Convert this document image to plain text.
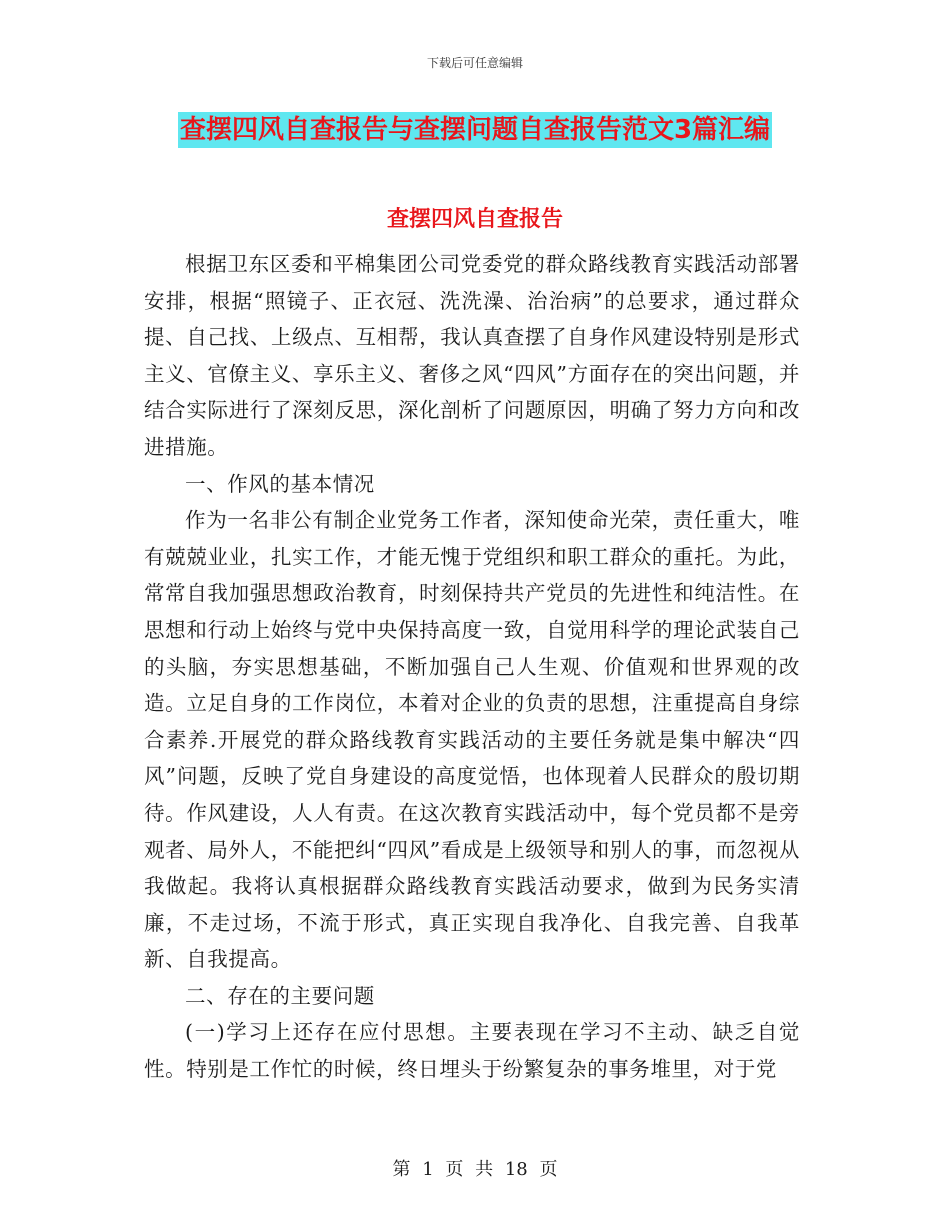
下载后可任意编辑
查摆四风自查报告与查摆问题自查报告范文3篇汇编
查摆四风自查报告

根据卫东区委和平棉集团公司党委党的群众路线教育实践活动部署安排，根据“照镜子、正衣冠、洗洗澡、治治病”的总要求，通过群众提、自己找、上级点、互相帮，我认真查摆了自身作风建设特别是形式主义、官僚主义、享乐主义、奢侈之风“四风”方面存在的突出问题，并结合实际进行了深刻反思，深化剖析了问题原因，明确了努力方向和改进措施。

一、作风的基本情况

作为一名非公有制企业党务工作者，深知使命光荣，责任重大，唯有兢兢业业，扎实工作，才能无愧于党组织和职工群众的重托。为此，常常自我加强思想政治教育，时刻保持共产党员的先进性和纯洁性。在思想和行动上始终与党中央保持高度一致，自觉用科学的理论武装自己的头脑，夯实思想基础，不断加强自己人生观、价值观和世界观的改造。立足自身的工作岗位，本着对企业的负责的思想，注重提高自身综合素养.开展党的群众路线教育实践活动的主要任务就是集中解决“四风”问题，反映了党自身建设的高度觉悟，也体现着人民群众的殷切期待。作风建设，人人有责。在这次教育实践活动中，每个党员都不是旁观者、局外人，不能把纠“四风”看成是上级领导和别人的事，而忽视从我做起。我将认真根据群众路线教育实践活动要求，做到为民务实清廉，不走过场，不流于形式，真正实现自我净化、自我完善、自我革新、自我提高。

二、存在的主要问题

(一)学习上还存在应付思想。主要表现在学习不主动、缺乏自觉性。特别是工作忙的时候，终日埋头于纷繁复杂的事务堆里，对于党

第 1 页 共 18 页
